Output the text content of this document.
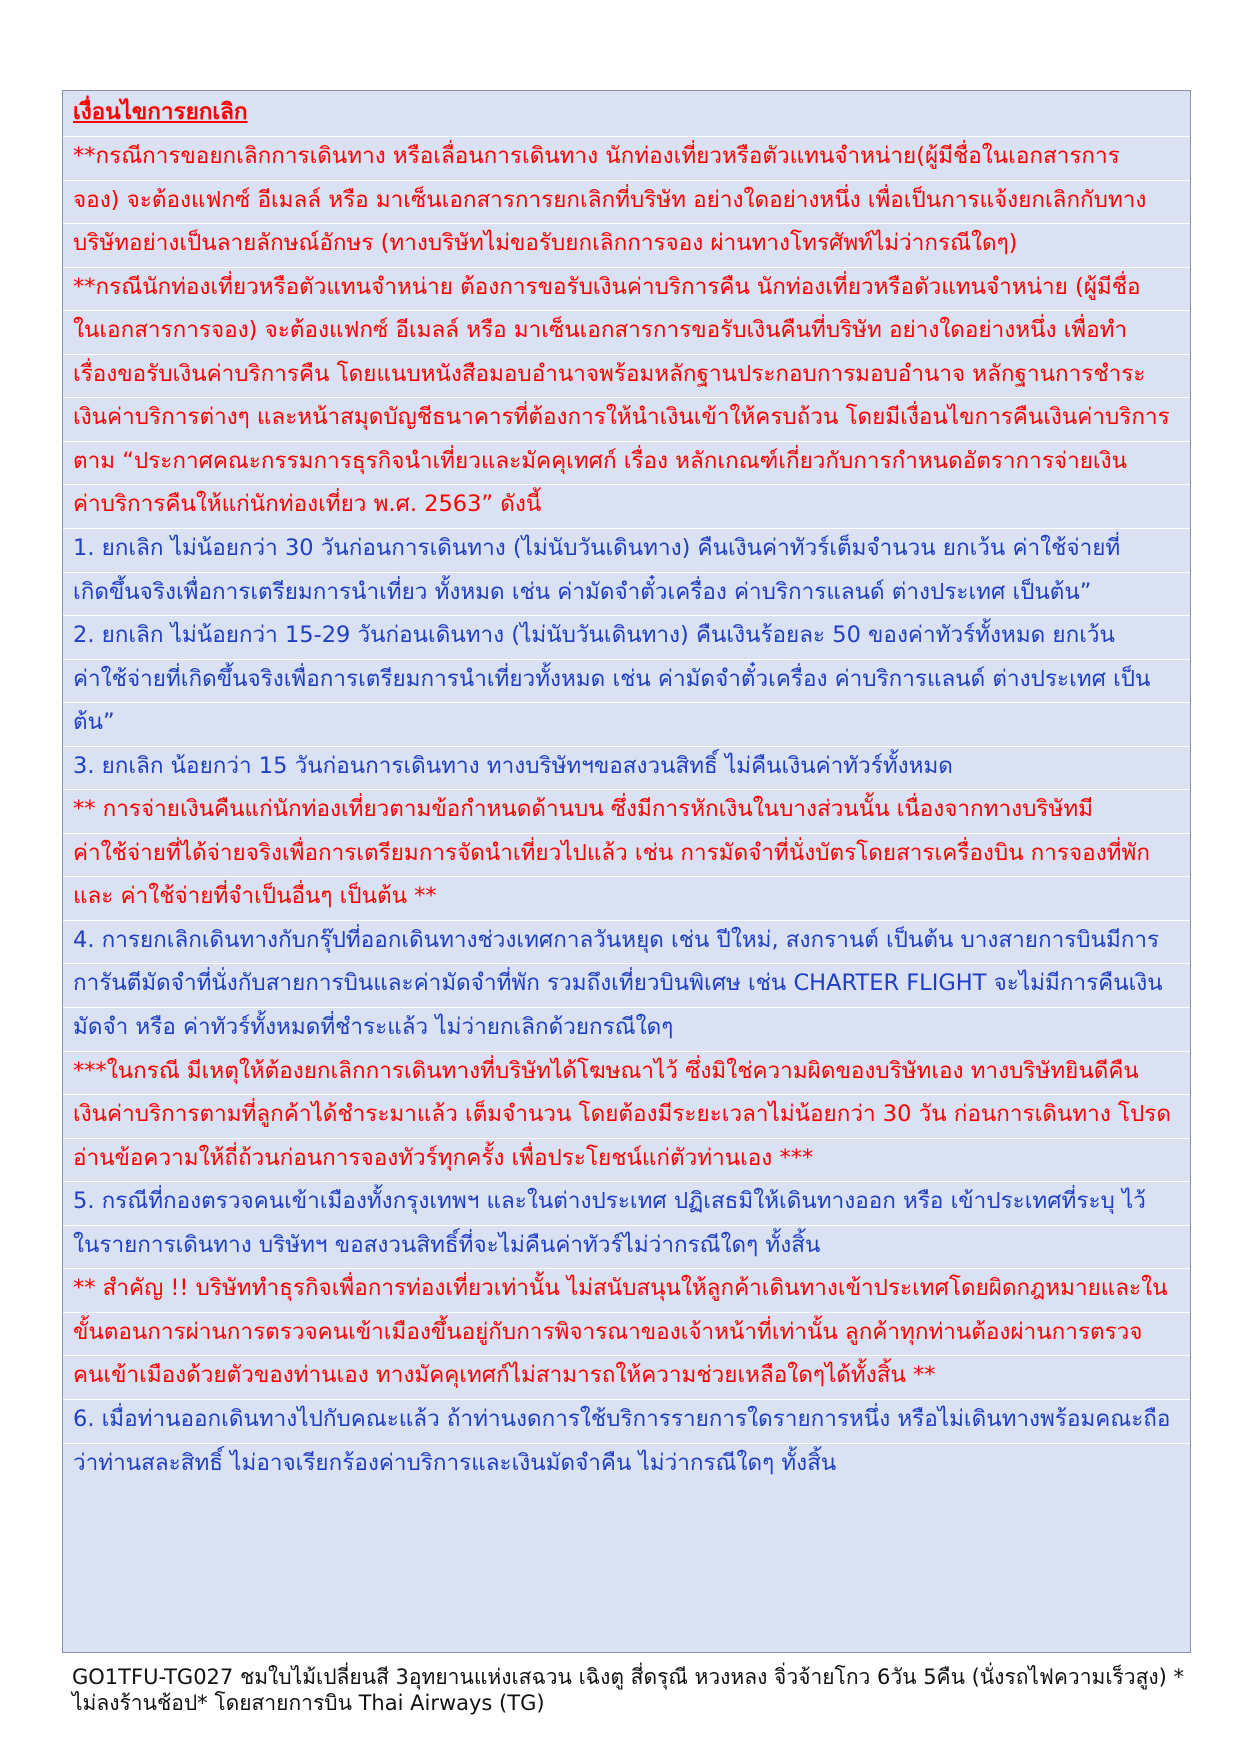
เงื่อนไขการยกเลิก
**กรณีการขอยกเลิกการเดินทาง หรือเลื่อนการเดินทาง นักท่องเที่ยวหรือตัวแทนจำหน่าย(ผู้มีชื่อในเอกสารการ
จอง) จะต้องแฟกซ์ อีเมลล์ หรือ มาเซ็นเอกสารการยกเลิกที่บริษัท อย่างใดอย่างหนึ่ง เพื่อเป็นการแจ้งยกเลิกกับทาง
บริษัทอย่างเป็นลายลักษณ์อักษร (ทางบริษัทไม่ขอรับยกเลิกการจอง ผ่านทางโทรศัพท์ไม่ว่ากรณีใดๆ)
**กรณีนักท่องเที่ยวหรือตัวแทนจำหน่าย ต้องการขอรับเงินค่าบริการคืน นักท่องเที่ยวหรือตัวแทนจำหน่าย (ผู้มีชื่อ
ในเอกสารการจอง) จะต้องแฟกซ์ อีเมลล์ หรือ มาเซ็นเอกสารการขอรับเงินคืนที่บริษัท อย่างใดอย่างหนึ่ง เพื่อทำ
เรื่องขอรับเงินค่าบริการคืน โดยแนบหนังสือมอบอำนาจพร้อมหลักฐานประกอบการมอบอำนาจ หลักฐานการชำระ
เงินค่าบริการต่างๆ และหน้าสมุดบัญชีธนาคารที่ต้องการให้นำเงินเข้าให้ครบถ้วน โดยมีเงื่อนไขการคืนเงินค่าบริการ
ตาม “ประกาศคณะกรรมการธุรกิจนำเที่ยวและมัคคุเทศก์ เรื่อง หลักเกณฑ์เกี่ยวกับการกำหนดอัตราการจ่ายเงิน
ค่าบริการคืนให้แก่นักท่องเที่ยว พ.ศ. 2563” ดังนี้
1. ยกเลิก ไม่น้อยกว่า 30 วันก่อนการเดินทาง (ไม่นับวันเดินทาง) คืนเงินค่าทัวร์เต็มจำนวน ยกเว้น ค่าใช้จ่ายที่
เกิดขึ้นจริงเพื่อการเตรียมการนำเที่ยว ทั้งหมด เช่น ค่ามัดจำตั๋วเครื่อง ค่าบริการแลนด์ ต่างประเทศ เป็นต้น”
2. ยกเลิก ไม่น้อยกว่า 15-29 วันก่อนเดินทาง (ไม่นับวันเดินทาง) คืนเงินร้อยละ 50 ของค่าทัวร์ทั้งหมด ยกเว้น
ค่าใช้จ่ายที่เกิดขึ้นจริงเพื่อการเตรียมการนำเที่ยวทั้งหมด เช่น ค่ามัดจำตั๋วเครื่อง ค่าบริการแลนด์ ต่างประเทศ เป็น
ต้น”
3. ยกเลิก น้อยกว่า 15 วันก่อนการเดินทาง ทางบริษัทฯขอสงวนสิทธิ์ ไม่คืนเงินค่าทัวร์ทั้งหมด
** การจ่ายเงินคืนแก่นักท่องเที่ยวตามข้อกำหนดด้านบน ซึ่งมีการหักเงินในบางส่วนนั้น เนื่องจากทางบริษัทมี
ค่าใช้จ่ายที่ได้จ่ายจริงเพื่อการเตรียมการจัดนำเที่ยวไปแล้ว เช่น การมัดจำที่นั่งบัตรโดยสารเครื่องบิน การจองที่พัก
และ ค่าใช้จ่ายที่จำเป็นอื่นๆ เป็นต้น **
4. การยกเลิกเดินทางกับกรุ๊ปที่ออกเดินทางช่วงเทศกาลวันหยุด เช่น ปีใหม่, สงกรานต์ เป็นต้น บางสายการบินมีการ
การันตีมัดจำที่นั่งกับสายการบินและค่ามัดจำที่พัก รวมถึงเที่ยวบินพิเศษ เช่น CHARTER FLIGHT จะไม่มีการคืนเงิน
มัดจำ หรือ ค่าทัวร์ทั้งหมดที่ชำระแล้ว ไม่ว่ายกเลิกด้วยกรณีใดๆ
***ในกรณี มีเหตุให้ต้องยกเลิกการเดินทางที่บริษัทได้โฆษณาไว้ ซึ่งมิใช่ความผิดของบริษัทเอง ทางบริษัทยินดีคืน
เงินค่าบริการตามที่ลูกค้าได้ชำระมาแล้ว เต็มจำนวน โดยต้องมีระยะเวลาไม่น้อยกว่า 30 วัน ก่อนการเดินทาง โปรด
อ่านข้อความให้ถี่ถ้วนก่อนการจองทัวร์ทุกครั้ง เพื่อประโยชน์แก่ตัวท่านเอง ***
5. กรณีที่กองตรวจคนเข้าเมืองทั้งกรุงเทพฯ และในต่างประเทศ ปฏิเสธมิให้เดินทางออก หรือ เข้าประเทศที่ระบุ ไว้
ในรายการเดินทาง บริษัทฯ ขอสงวนสิทธิ์ที่จะไม่คืนค่าทัวร์ไม่ว่ากรณีใดๆ ทั้งสิ้น
** สำคัญ !! บริษัททำธุรกิจเพื่อการท่องเที่ยวเท่านั้น ไม่สนับสนุนให้ลูกค้าเดินทางเข้าประเทศโดยผิดกฎหมายและใน
ขั้นตอนการผ่านการตรวจคนเข้าเมืองขึ้นอยู่กับการพิจารณาของเจ้าหน้าที่เท่านั้น ลูกค้าทุกท่านต้องผ่านการตรวจ
คนเข้าเมืองด้วยตัวของท่านเอง ทางมัคคุเทศก์ไม่สามารถให้ความช่วยเหลือใดๆได้ทั้งสิ้น **
6. เมื่อท่านออกเดินทางไปกับคณะแล้ว ถ้าท่านงดการใช้บริการรายการใดรายการหนึ่ง หรือไม่เดินทางพร้อมคณะถือ
ว่าท่านสละสิทธิ์ ไม่อาจเรียกร้องค่าบริการและเงินมัดจำคืน ไม่ว่ากรณีใดๆ ทั้งสิ้น
GO1TFU-TG027 ชมใบไม้เปลี่ยนสี 3อุทยานแห่งเสฉวน เฉิงตู สี่ดรุณี หวงหลง จิ่วจ้ายโกว 6วัน 5คืน (นั่งรถไฟความเร็วสูง) *
ไม่ลงร้านช้อป* โดยสายการบิน Thai Airways (TG)
